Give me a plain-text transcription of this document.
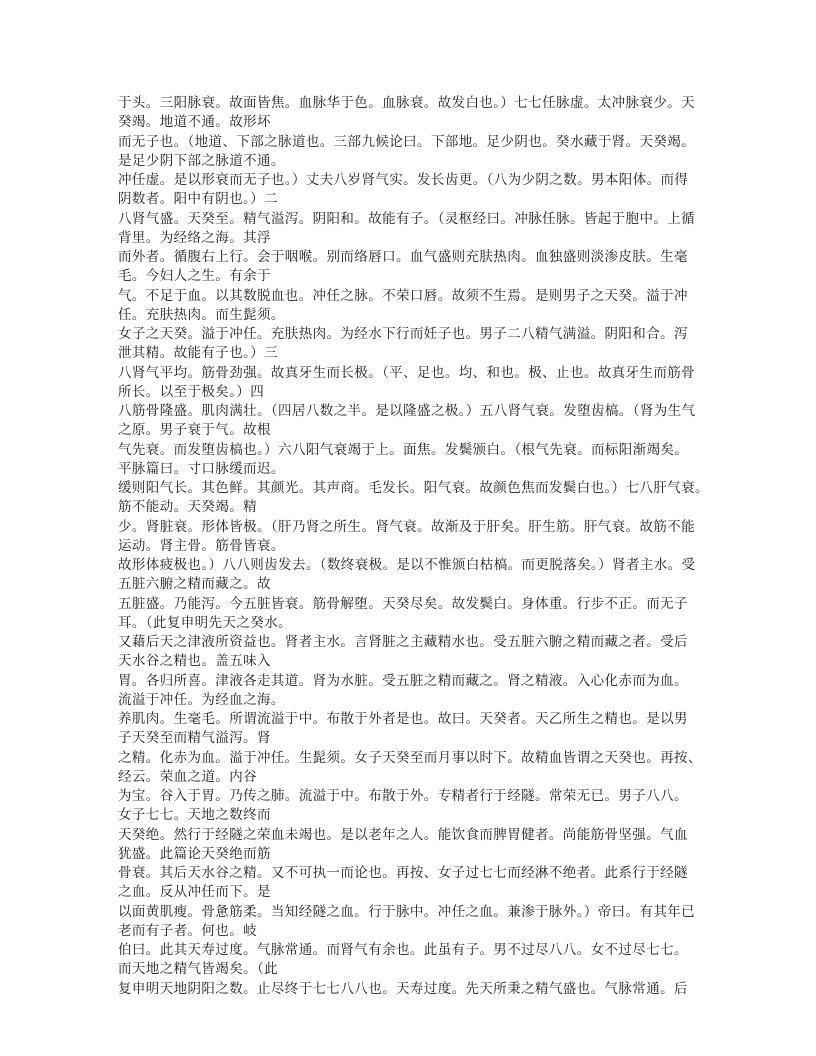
于头。三阳脉衰。故面皆焦。血脉华于色。血脉衰。故发白也。）七七任脉虚。太冲脉衰少。天
癸竭。地道不通。故形坏
而无子也。（地道、下部之脉道也。三部九候论曰。下部地。足少阴也。癸水藏于肾。天癸竭。
是足少阴下部之脉道不通。
冲任虚。是以形衰而无子也。）丈夫八岁肾气实。发长齿更。（八为少阴之数。男本阳体。而得
阴数者。阳中有阴也。）二
八肾气盛。天癸至。精气溢泻。阴阳和。故能有子。（灵枢经曰。冲脉任脉。皆起于胞中。上循
背里。为经络之海。其浮
而外者。循腹右上行。会于咽喉。别而络唇口。血气盛则充肤热肉。血独盛则淡渗皮肤。生毫
毛。今妇人之生。有余于
气。不足于血。以其数脱血也。冲任之脉。不荣口唇。故须不生焉。是则男子之天癸。溢于冲
任。充肤热肉。而生髭须。
女子之天癸。溢于冲任。充肤热肉。为经水下行而妊子也。男子二八精气满溢。阴阳和合。泻
泄其精。故能有子也。）三
八肾气平均。筋骨劲强。故真牙生而长极。（平、足也。均、和也。极、止也。故真牙生而筋骨
所长。以至于极矣。）四
八筋骨隆盛。肌肉满壮。（四居八数之半。是以隆盛之极。）五八肾气衰。发堕齿槁。（肾为生气
之原。男子衰于气。故根
气先衰。而发堕齿槁也。）六八阳气衰竭于上。面焦。发鬓颁白。（根气先衰。而标阳渐竭矣。
平脉篇曰。寸口脉缓而迟。
缓则阳气长。其色鲜。其颜光。其声商。毛发长。阳气衰。故颜色焦而发鬓白也。）七八肝气衰。
筋不能动。天癸竭。精
少。肾脏衰。形体皆极。（肝乃肾之所生。肾气衰。故渐及于肝矣。肝生筋。肝气衰。故筋不能
运动。肾主骨。筋骨皆衰。
故形体疲极也。）八八则齿发去。（数终衰极。是以不惟颁白枯槁。而更脱落矣。）肾者主水。受
五脏六腑之精而藏之。故
五脏盛。乃能泻。今五脏皆衰。筋骨解堕。天癸尽矣。故发鬓白。身体重。行步不正。而无子
耳。（此复申明先天之癸水。
又藉后天之津液所资益也。肾者主水。言肾脏之主藏精水也。受五脏六腑之精而藏之者。受后
天水谷之精也。盖五味入
胃。各归所喜。津液各走其道。肾为水脏。受五脏之精而藏之。肾之精液。入心化赤而为血。
流溢于冲任。为经血之海。
养肌肉。生毫毛。所谓流溢于中。布散于外者是也。故曰。天癸者。天乙所生之精也。是以男
子天癸至而精气溢泻。肾
之精。化赤为血。溢于冲任。生髭须。女子天癸至而月事以时下。故精血皆谓之天癸也。再按、
经云。荣血之道。内谷
为宝。谷入于胃。乃传之肺。流溢于中。布散于外。专精者行于经隧。常荣无已。男子八八。
女子七七。天地之数终而
天癸绝。然行于经隧之荣血未竭也。是以老年之人。能饮食而脾胃健者。尚能筋骨坚强。气血
犹盛。此篇论天癸绝而筋
骨衰。其后天水谷之精。又不可执一而论也。再按、女子过七七而经淋不绝者。此系行于经隧
之血。反从冲任而下。是
以面黄肌瘦。骨惫筋柔。当知经隧之血。行于脉中。冲任之血。兼渗于脉外。）帝曰。有其年已
老而有子者。何也。岐
伯曰。此其天寿过度。气脉常通。而肾气有余也。此虽有子。男不过尽八八。女不过尽七七。
而天地之精气皆竭矣。（此
复申明天地阴阳之数。止尽终于七七八八也。天寿过度。先天所秉之精气盛也。气脉常通。后
